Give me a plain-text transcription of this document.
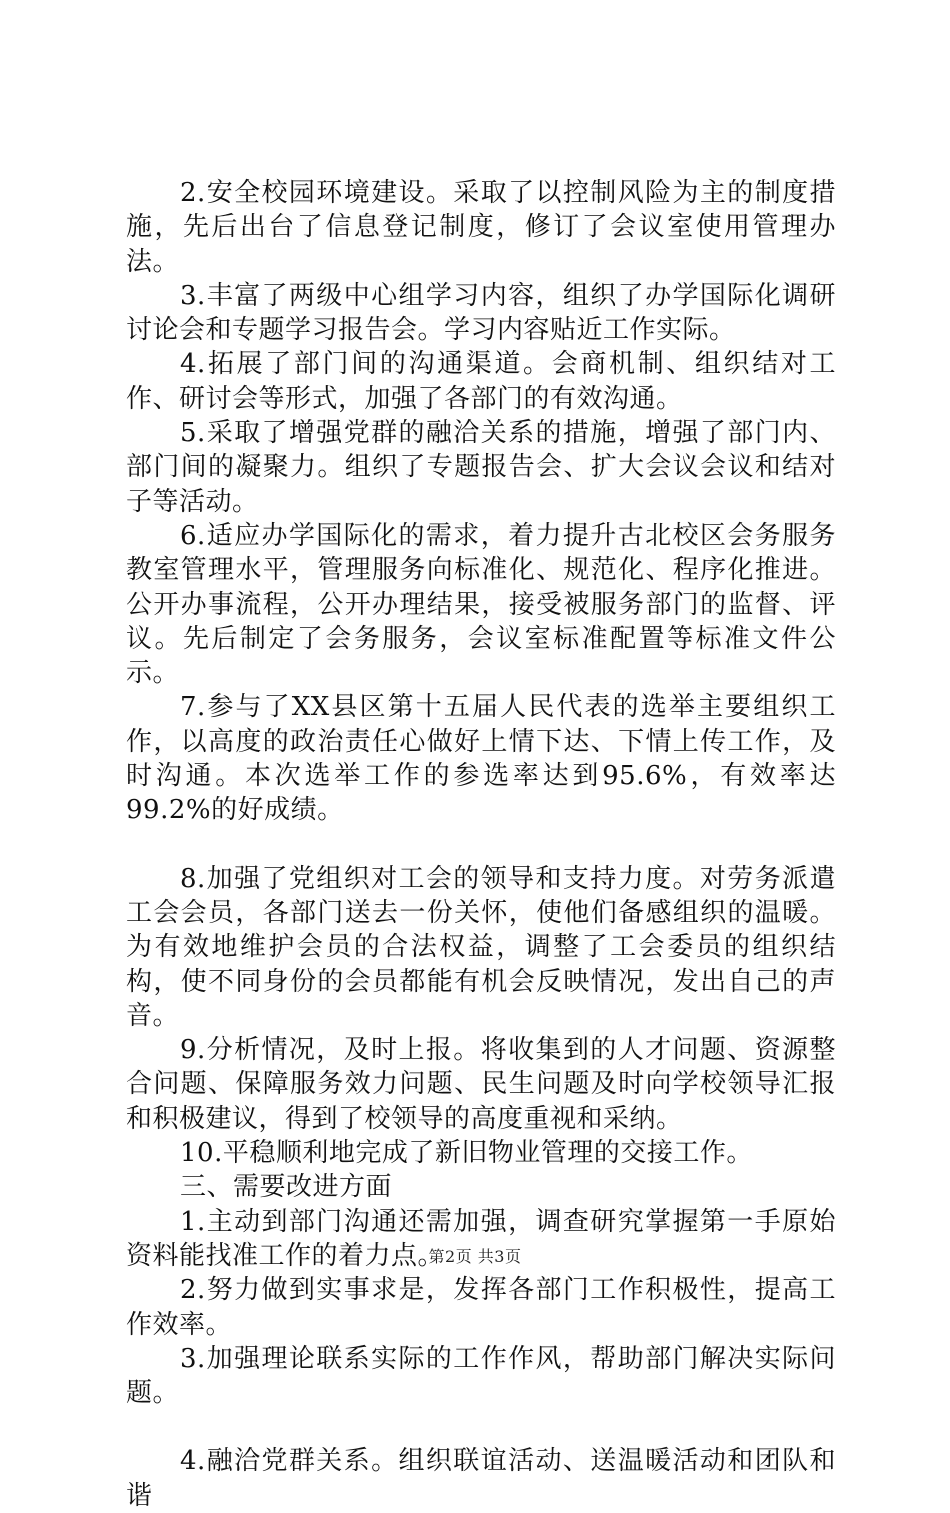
2.安全校园环境建设。采取了以控制风险为主的制度措施，先后出台了信息登记制度，修订了会议室使用管理办法。

3.丰富了两级中心组学习内容，组织了办学国际化调研讨论会和专题学习报告会。学习内容贴近工作实际。

4.拓展了部门间的沟通渠道。会商机制、组织结对工作、研讨会等形式，加强了各部门的有效沟通。

5.采取了增强党群的融洽关系的措施，增强了部门内、部门间的凝聚力。组织了专题报告会、扩大会议会议和结对子等活动。

6.适应办学国际化的需求，着力提升古北校区会务服务教室管理水平，管理服务向标准化、规范化、程序化推进。公开办事流程，公开办理结果，接受被服务部门的监督、评议。先后制定了会务服务，会议室标准配置等标准文件公示。

7.参与了XX县区第十五届人民代表的选举主要组织工作，以高度的政治责任心做好上情下达、下情上传工作，及时沟通。本次选举工作的参选率达到95.6%，有效率达99.2%的好成绩。

8.加强了党组织对工会的领导和支持力度。对劳务派遣工会会员，各部门送去一份关怀，使他们备感组织的温暖。为有效地维护会员的合法权益，调整了工会委员的组织结构，使不同身份的会员都能有机会反映情况，发出自己的声音。

9.分析情况，及时上报。将收集到的人才问题、资源整合问题、保障服务效力问题、民生问题及时向学校领导汇报和积极建议，得到了校领导的高度重视和采纳。

10.平稳顺利地完成了新旧物业管理的交接工作。

三、需要改进方面

1.主动到部门沟通还需加强，调查研究掌握第一手原始资料能找准工作的着力点。

2.努力做到实事求是，发挥各部门工作积极性，提高工作效率。

3.加强理论联系实际的工作作风，帮助部门解决实际问题。

4.融洽党群关系。组织联谊活动、送温暖活动和团队和谐

第2页 共3页
